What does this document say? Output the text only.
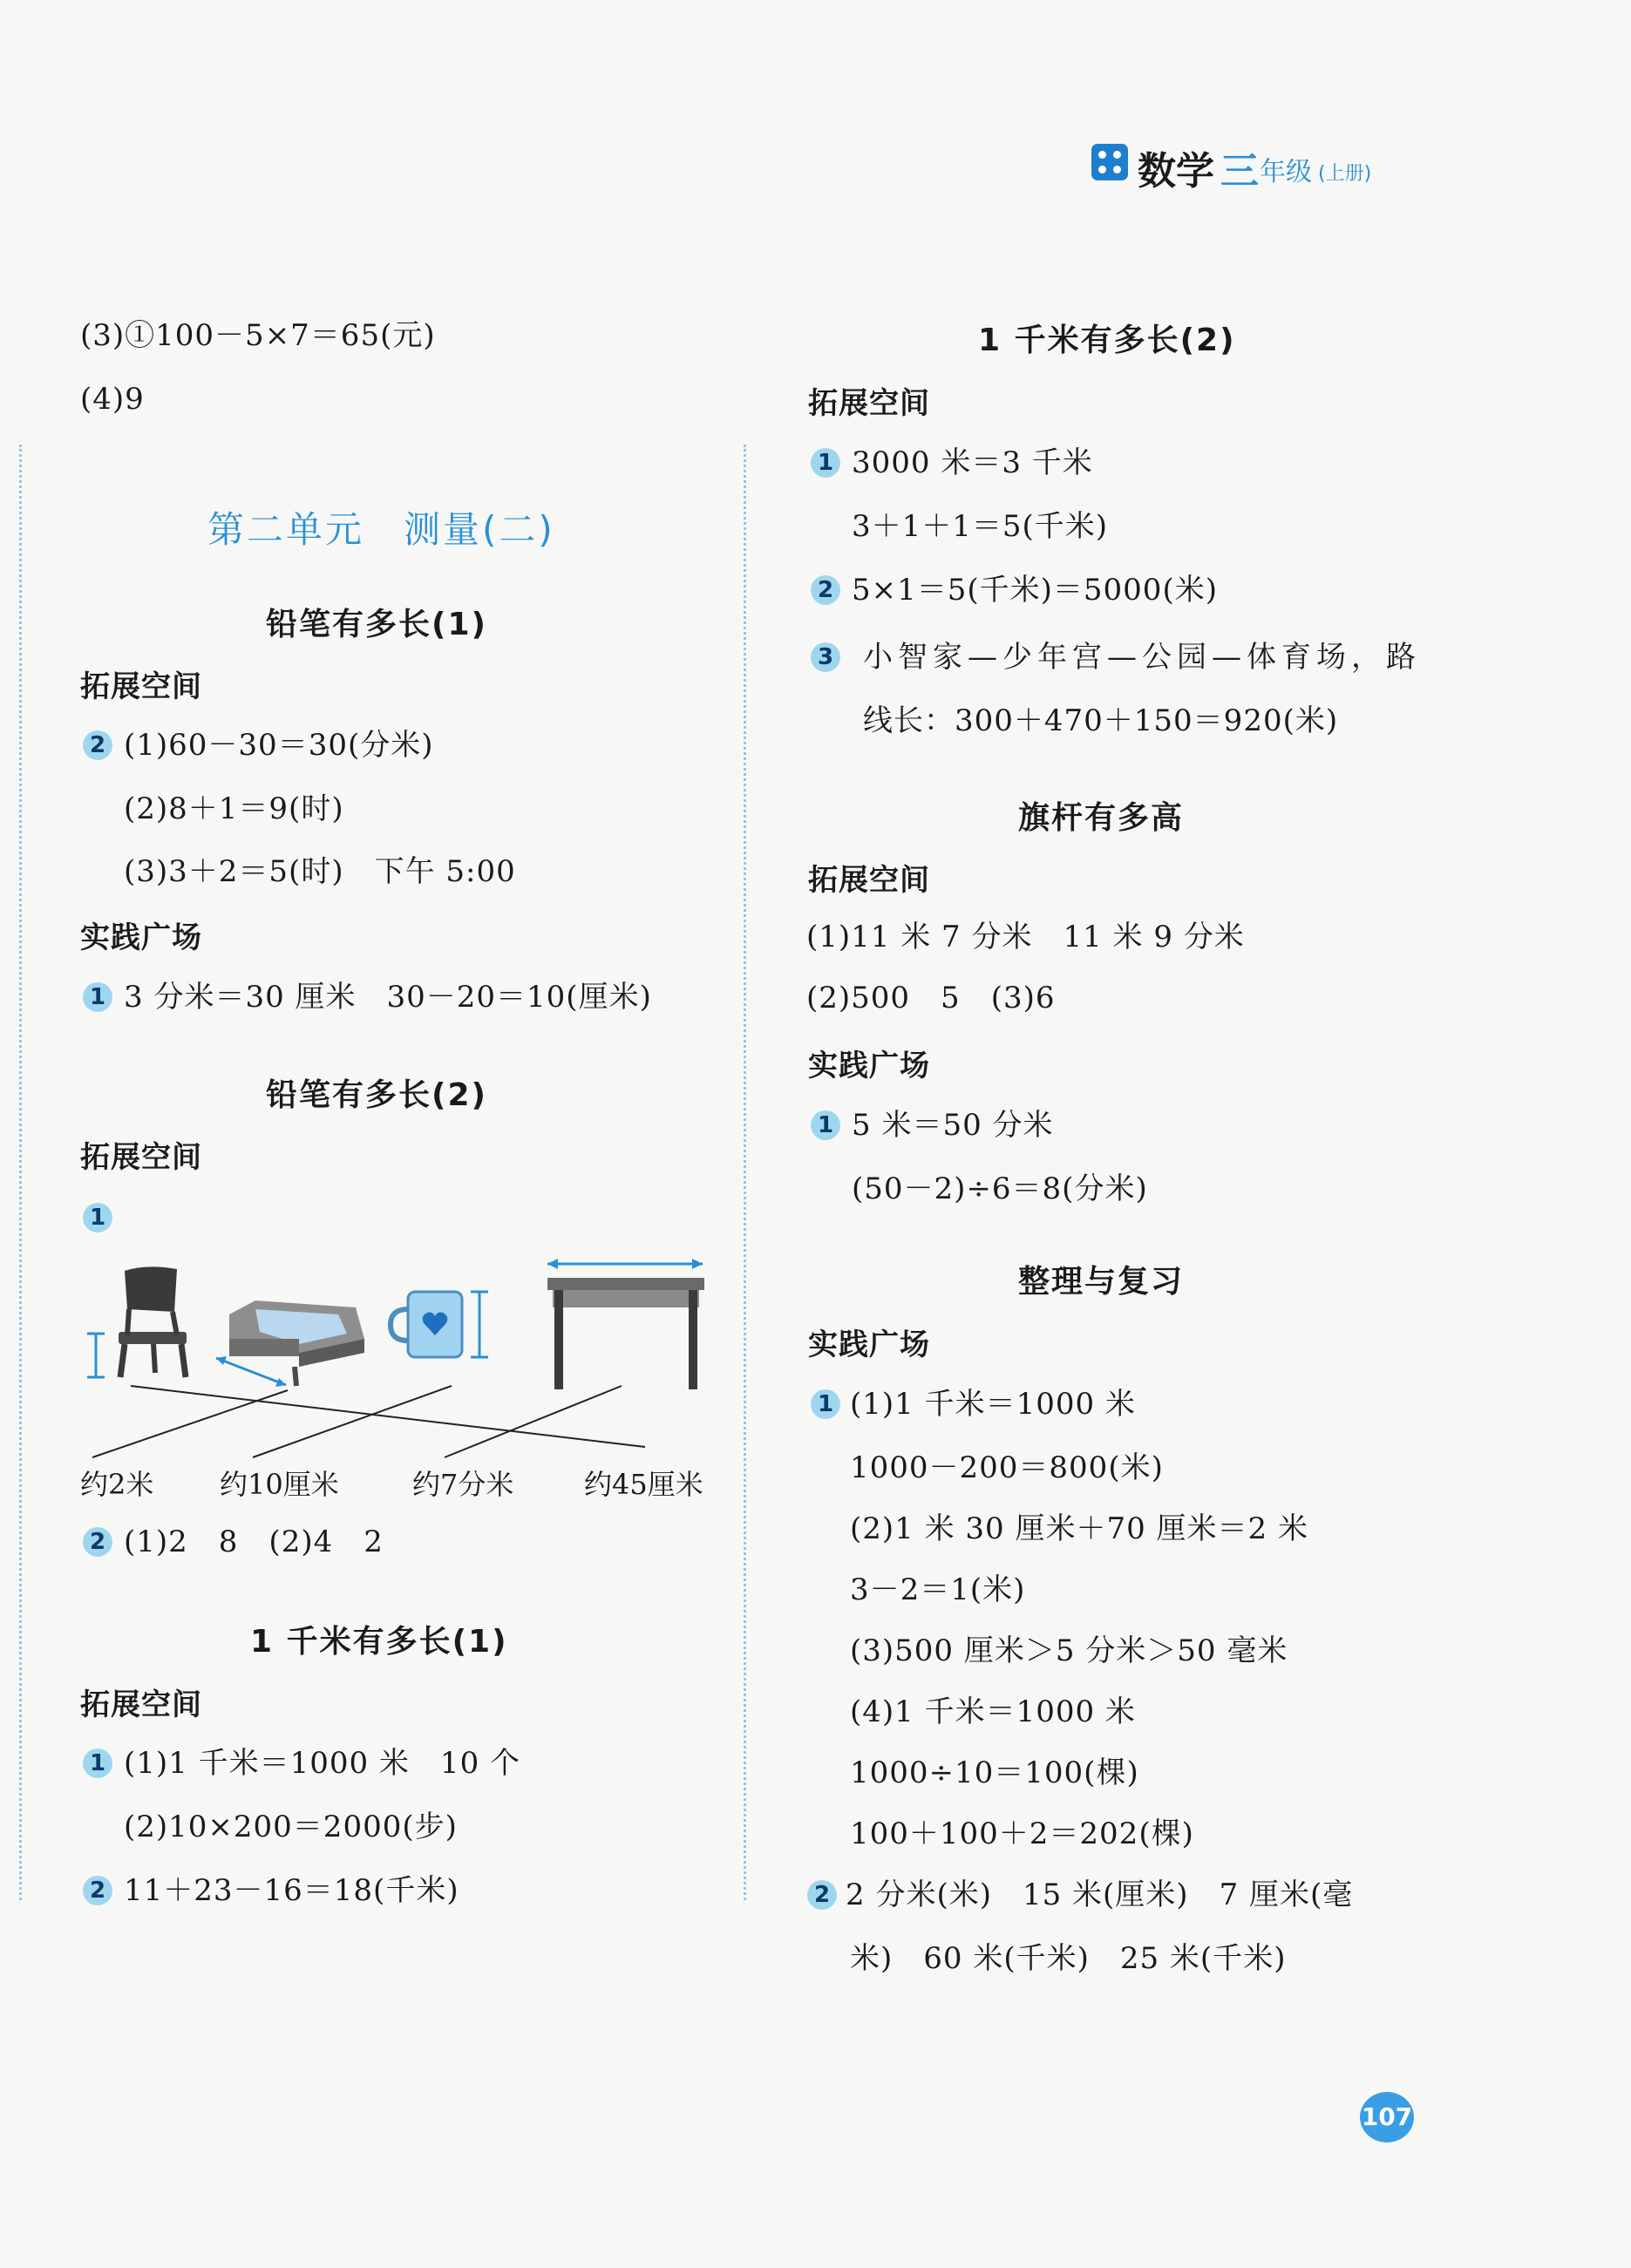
数学 三 年级 (上册)
(3)①100－5×7＝65(元)
(4)9
第二单元　测量(二)
铅笔有多长(1)
拓展空间
2 (1)60－30＝30(分米)
(2)8＋1＝9(时)
(3)3＋2＝5(时)　下午 5:00
实践广场
1 3 分米＝30 厘米　30－20＝10(厘米)
铅笔有多长(2)
拓展空间
1
约2米 约10厘米	约7分米	约45厘米
2 (1)2　8　(2)4　2
1 千米有多长(1)
拓展空间
1 (1)1 千米＝1000 米　10 个
(2)10×200＝2000(步)
2 11＋23－16＝18(千米)
1 千米有多长(2)
拓展空间
1 3000 米＝3 千米
3＋1＋1＝5(千米)
2 5×1＝5(千米)＝5000(米)
3 小智家—少年宫—公园—体育场，路
线长：300＋470＋150＝920(米)
旗杆有多高
拓展空间
(1)11 米 7 分米　11 米 9 分米
(2)500　5　(3)6
实践广场
1 5 米＝50 分米
(50－2)÷6＝8(分米)
整理与复习
实践广场
1 (1)1 千米＝1000 米
1000－200＝800(米)
(2)1 米 30 厘米＋70 厘米＝2 米
3－2＝1(米)
(3)500 厘米＞5 分米＞50 毫米
(4)1 千米＝1000 米
1000÷10＝100(棵)
100＋100＋2＝202(棵)
2 2 分米(米)　15 米(厘米)　7 厘米(毫
米)　60 米(千米)　25 米(千米)
107
